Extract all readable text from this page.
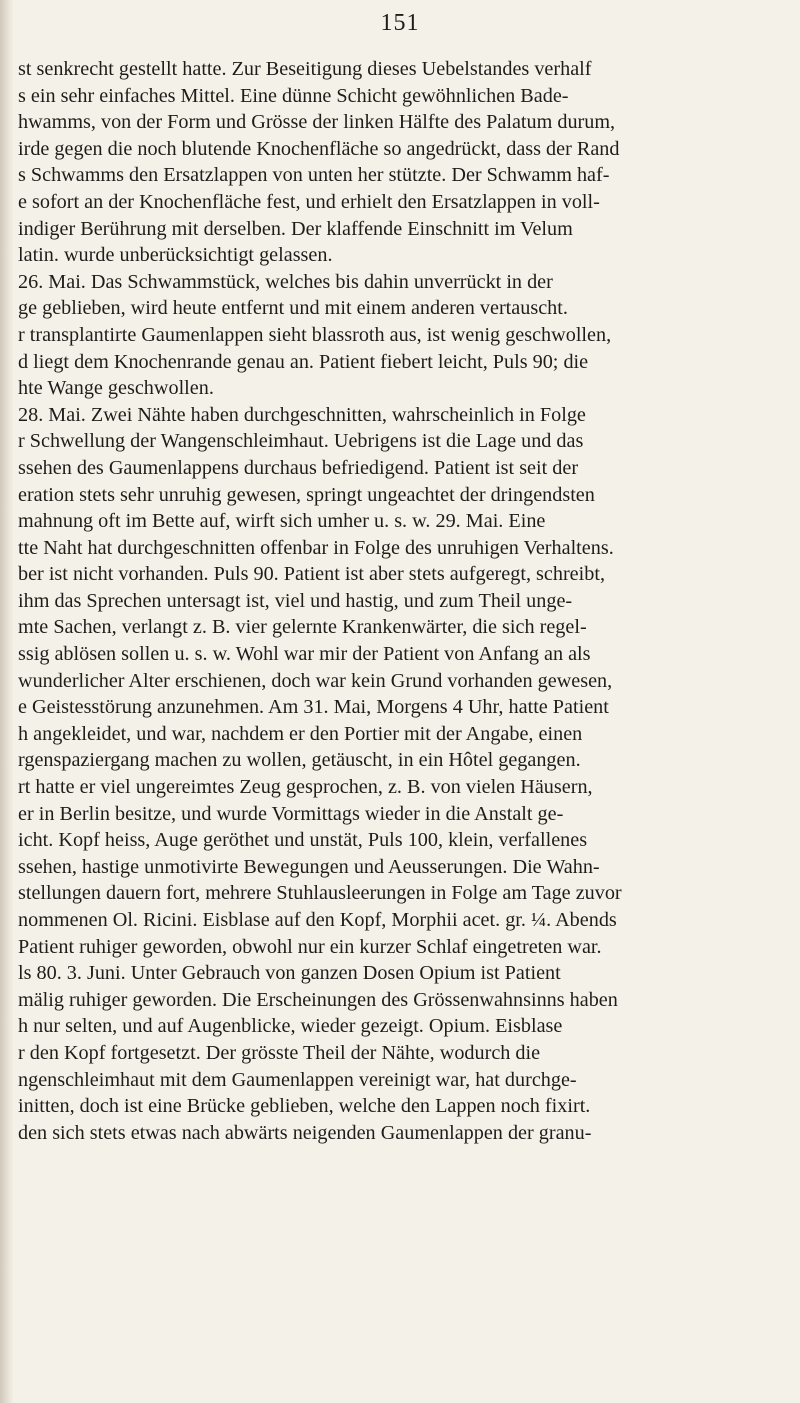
151
st senkrecht gestellt hatte. Zur Beseitigung dieses Uebelstandes verhalf
s ein sehr einfaches Mittel. Eine dünne Schicht gewöhnlichen Bade-
hwamms, von der Form und Grösse der linken Hälfte des Palatum durum,
irde gegen die noch blutende Knochenfläche so angedrückt, dass der Rand
s Schwamms den Ersatzlappen von unten her stützte. Der Schwamm haf-
e sofort an der Knochenfläche fest, und erhielt den Ersatzlappen in voll-
indiger Berührung mit derselben. Der klaffende Einschnitt im Velum
latin. wurde unberücksichtigt gelassen.
26. Mai. Das Schwammstück, welches bis dahin unverrückt in der
ge geblieben, wird heute entfernt und mit einem anderen vertauscht.
r transplantirte Gaumenlappen sieht blassroth aus, ist wenig geschwollen,
d liegt dem Knochenrande genau an. Patient fiebert leicht, Puls 90; die
hte Wange geschwollen.
28. Mai. Zwei Nähte haben durchgeschnitten, wahrscheinlich in Folge
r Schwellung der Wangenschleimhaut. Uebrigens ist die Lage und das
ssehen des Gaumenlappens durchaus befriedigend. Patient ist seit der
eration stets sehr unruhig gewesen, springt ungeachtet der dringendsten
mahnung oft im Bette auf, wirft sich umher u. s. w. 29. Mai. Eine
tte Naht hat durchgeschnitten offenbar in Folge des unruhigen Verhaltens.
ber ist nicht vorhanden. Puls 90. Patient ist aber stets aufgeregt, schreibt,
ihm das Sprechen untersagt ist, viel und hastig, und zum Theil unge-
mte Sachen, verlangt z. B. vier gelernte Krankenwärter, die sich regel-
ssig ablösen sollen u. s. w. Wohl war mir der Patient von Anfang an als
wunderlicher Alter erschienen, doch war kein Grund vorhanden gewesen,
e Geistesstörung anzunehmen. Am 31. Mai, Morgens 4 Uhr, hatte Patient
h angekleidet, und war, nachdem er den Portier mit der Angabe, einen
rgenspaziergang machen zu wollen, getäuscht, in ein Hôtel gegangen.
rt hatte er viel ungereimtes Zeug gesprochen, z. B. von vielen Häusern,
er in Berlin besitze, und wurde Vormittags wieder in die Anstalt ge-
icht. Kopf heiss, Auge geröthet und unstät, Puls 100, klein, verfallenes
ssehen, hastige unmotivirte Bewegungen und Aeusserungen. Die Wahn-
stellungen dauern fort, mehrere Stuhlausleerungen in Folge am Tage zuvor
nommenen Ol. Ricini. Eisblase auf den Kopf, Morphii acet. gr. ¼. Abends
Patient ruhiger geworden, obwohl nur ein kurzer Schlaf eingetreten war.
ls 80. 3. Juni. Unter Gebrauch von ganzen Dosen Opium ist Patient
mälig ruhiger geworden. Die Erscheinungen des Grössenwahnsinns haben
h nur selten, und auf Augenblicke, wieder gezeigt. Opium. Eisblase
r den Kopf fortgesetzt. Der grösste Theil der Nähte, wodurch die
ngenschleimhaut mit dem Gaumenlappen vereinigt war, hat durchge-
initten, doch ist eine Brücke geblieben, welche den Lappen noch fixirt.
den sich stets etwas nach abwärts neigenden Gaumenlappen der granu-
